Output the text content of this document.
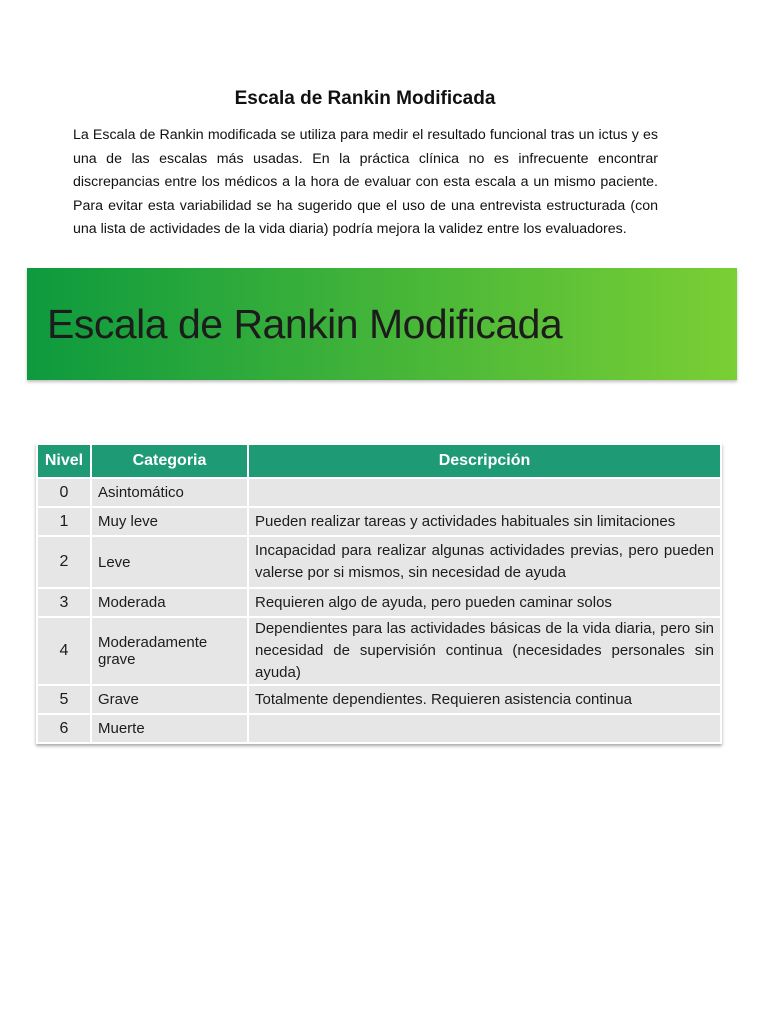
Escala de Rankin Modificada

La Escala de Rankin modificada se utiliza para medir el resultado funcional tras un ictus y es una de las escalas más usadas. En la práctica clínica no es infrecuente encontrar discrepancias entre los médicos a la hora de evaluar con esta escala a un mismo paciente. Para evitar esta variabilidad se ha sugerido que el uso de una entrevista estructurada (con una lista de actividades de la vida diaria) podría mejora la validez entre los evaluadores.

Escala de Rankin Modificada
Nivel	Categoria	Descripción
0	Asintomático	
1	Muy leve	Pueden realizar tareas y actividades habituales sin limitaciones
2	Leve	Incapacidad para realizar algunas actividades previas, pero pueden valerse por si mismos, sin necesidad de ayuda
3	Moderada	Requieren algo de ayuda, pero pueden caminar solos
4	Moderadamente grave	Dependientes para las actividades básicas de la vida diaria, pero sin necesidad de supervisión continua (necesidades personales sin ayuda)
5	Grave	Totalmente dependientes. Requieren asistencia continua
6	Muerte	
